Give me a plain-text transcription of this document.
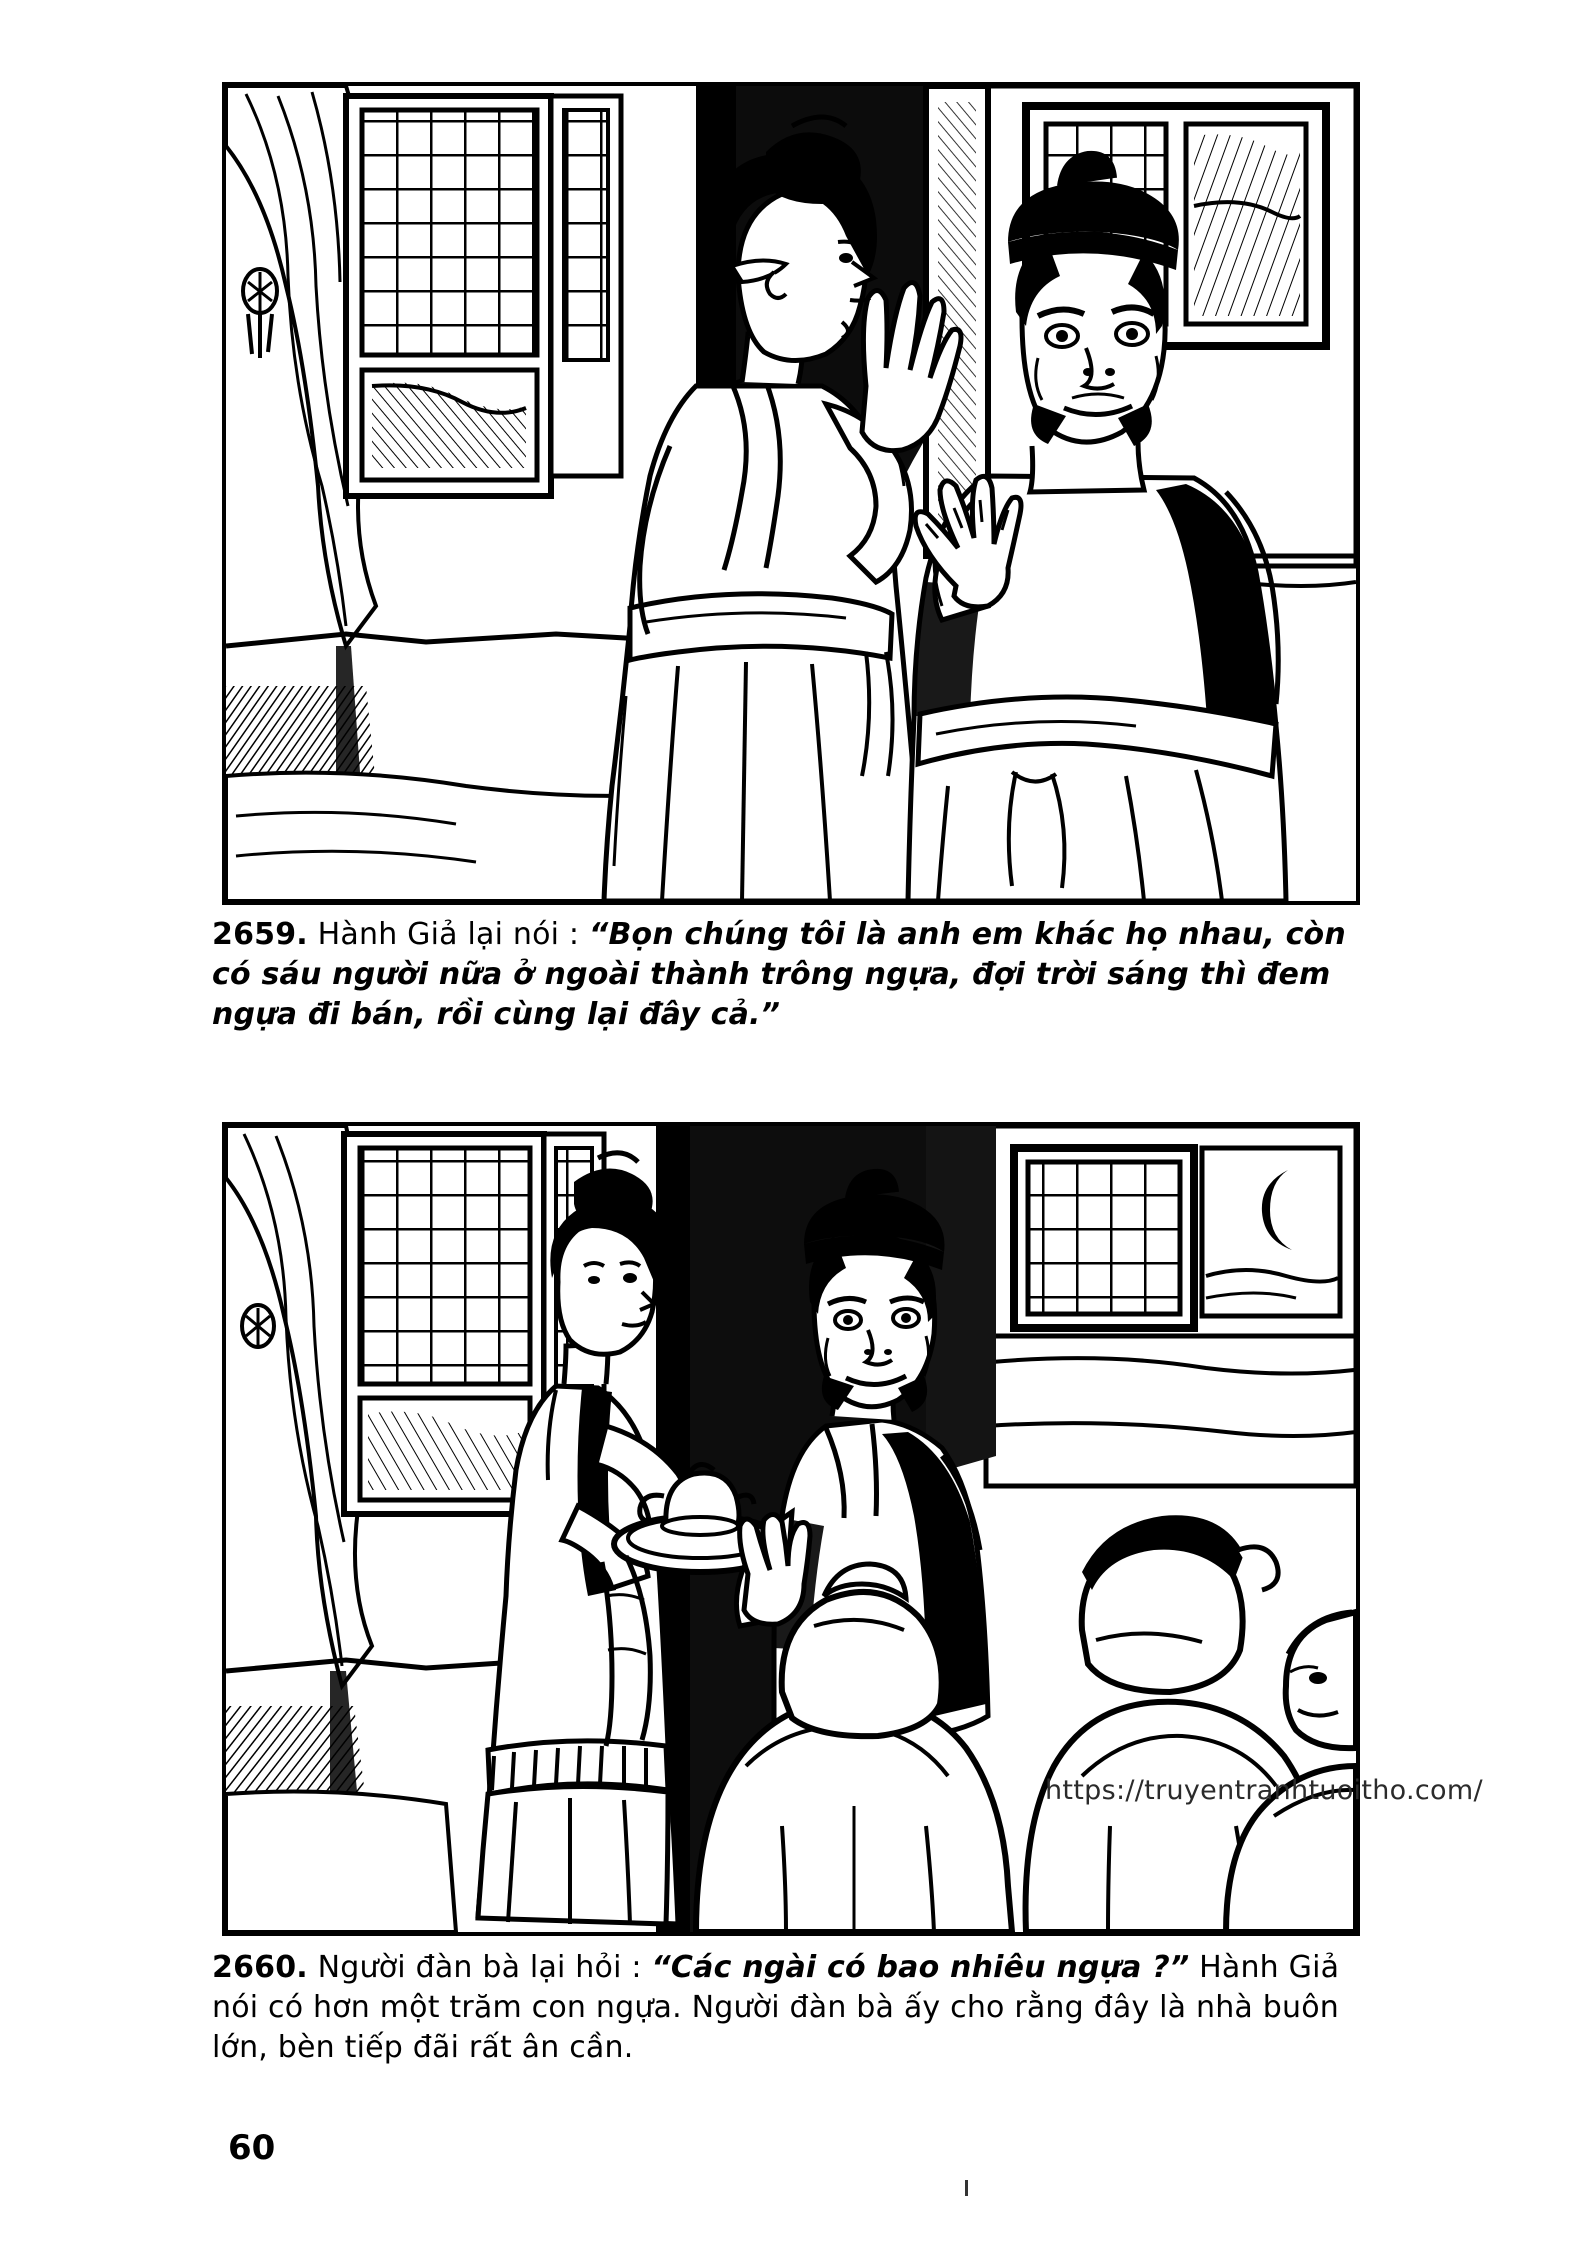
2659. Hành Giả lại nói : “Bọn chúng tôi là anh em khác họ nhau, còn có sáu người nữa ở ngoài thành trông ngựa, đợi trời sáng thì đem ngựa đi bán, rồi cùng lại đây cả.”
https://truyentranhtuoitho.com/
2660. Người đàn bà lại hỏi : “Các ngài có bao nhiêu ngựa ?” Hành Giả nói có hơn một trăm con ngựa. Người đàn bà ấy cho rằng đây là nhà buôn lớn, bèn tiếp đãi rất ân cần.
60
